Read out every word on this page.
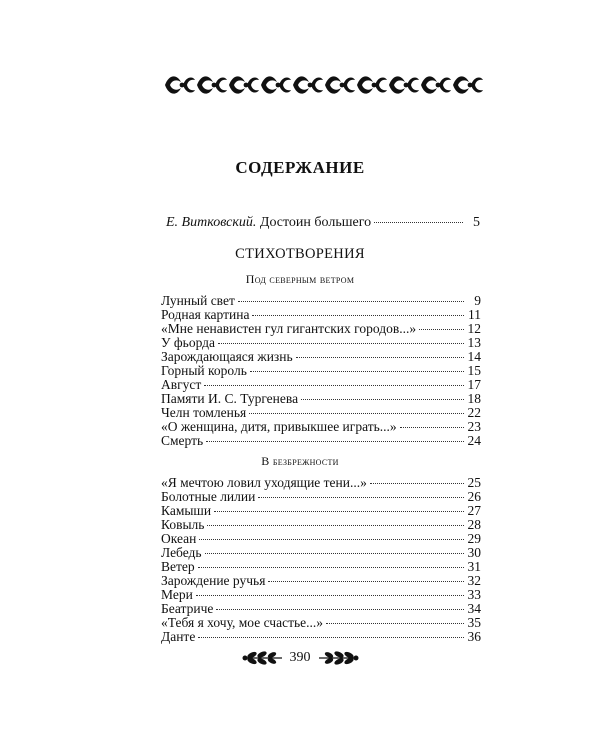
СОДЕРЖАНИЕ
Е. Витковский. Достоин большего	5
СТИХОТВОРЕНИЯ
Под северным ветром
Лунный свет	9
Родная картина	11
«Мне ненавистен гул гигантских городов...»	12
У фьорда	13
Зарождающаяся жизнь	14
Горный король	15
Август	17
Памяти И. С. Тургенева	18
Челн томленья	22
«О женщина, дитя, привыкшее играть...»	23
Смерть	24
В безбрежности
«Я мечтою ловил уходящие тени...»	25
Болотные лилии	26
Камыши	27
Ковыль	28
Океан	29
Лебедь	30
Ветер	31
Зарождение ручья	32
Мери	33
Беатриче	34
«Тебя я хочу, мое счастье...»	35
Данте	36
390
